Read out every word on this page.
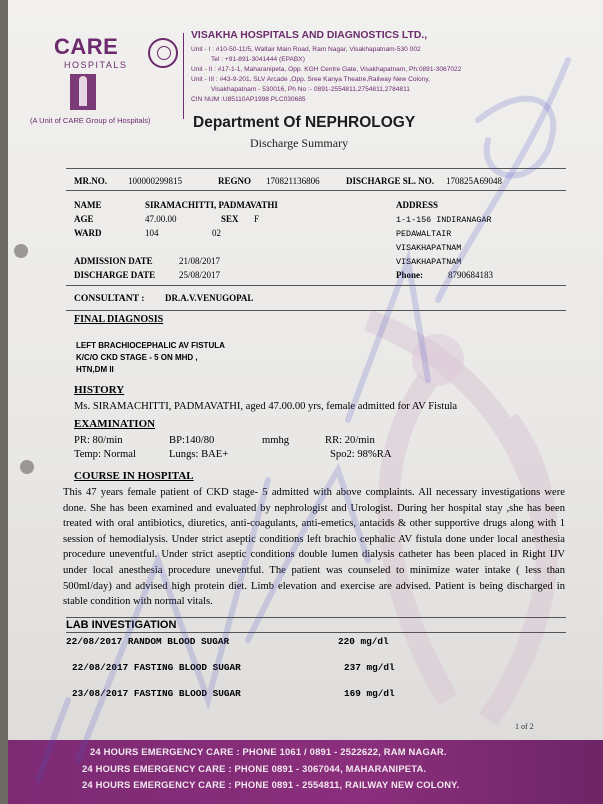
CARE
HOSPITALS
(A Unit of CARE Group of Hospitals)
VISAKHA HOSPITALS AND DIAGNOSTICS LTD.,
Unit - I : #10-50-11/5, Waltair Main Road, Ram Nagar, Visakhapatnam-530 002
Tel : +91-891-3041444 (EPABX)
Unit - II : #17-1-1, Maharanipeta, Opp. KGH Centre Gate, Visakhapatnam, Ph:0891-3067022
Unit - III : #43-9-201, SLV Arcade ,Opp. Sree Kanya Theatre,Railway New Colony,
Visakhapatnam - 530016, Ph No :- 0891-2554811,2754811,2784811
CIN NUM :U85110AP1998 PLC030685
Department Of NEPHROLOGY
Discharge Summary
MR.NO. 100000299815	REGNO 170821136806	DISCHARGE SL. NO. 170825A69048
NAME	SIRAMACHITTI, PADMAVATHI
AGE	47.00.00	SEX F
WARD	104	02
ADMISSION DATE	21/08/2017
DISCHARGE DATE	25/08/2017
ADDRESS
1-1-156 INDIRANAGAR
PEDAWALTAIR
VISAKHAPATNAM
VISAKHAPATNAM
Phone:	8790684183
CONSULTANT : DR.A.V.VENUGOPAL
FINAL DIAGNOSIS
LEFT BRACHIOCEPHALIC AV FISTULA
K/C/O CKD STAGE - 5 ON MHD ,
HTN,DM II
HISTORY
Ms. SIRAMACHITTI, PADMAVATHI, aged 47.00.00 yrs, female admitted for AV Fistula
EXAMINATION
PR: 80/min	BP:140/80	mmhg	RR: 20/min
Temp: Normal	Lungs: BAE+	Spo2: 98%RA
COURSE IN HOSPITAL
This 47 years female patient of CKD stage- 5 admitted with above complaints. All necessary investigations were done. She has been examined and evaluated by nephrologist and Urologist. During her hospital stay ,she has been treated with oral antibiotics, diuretics, anti-coagulants, anti-emetics, antacids & other supportive drugs along with 1 session of hemodialysis. Under strict aseptic conditions left brachio cephalic AV fistula done under local anesthesia procedure uneventful. Under strict aseptic conditions double lumen dialysis catheter has been placed in Right IJV under local anesthesia procedure uneventful. The patient was counseled to minimize water intake ( less than 500ml/day) and advised high protein diet. Limb elevation and exercise are advised. Patient is being discharged in stable condition with normal vitals.
LAB INVESTIGATION
22/08/2017 RANDOM BLOOD SUGAR	220 mg/dl
22/08/2017 FASTING BLOOD SUGAR	237 mg/dl
23/08/2017 FASTING BLOOD SUGAR	169 mg/dl
1 of 2
24 HOURS EMERGENCY CARE : PHONE 1061 / 0891 - 2522622, RAM NAGAR.
24 HOURS EMERGENCY CARE : PHONE 0891 - 3067044, MAHARANIPETA.
24 HOURS EMERGENCY CARE : PHONE 0891 - 2554811, RAILWAY NEW COLONY.
